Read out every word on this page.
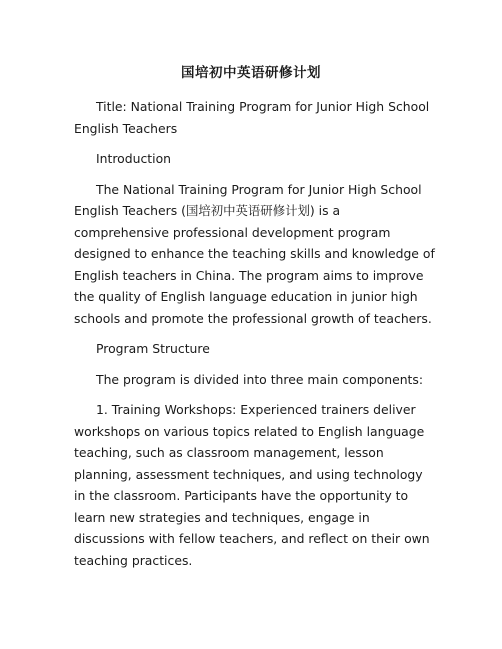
国培初中英语研修计划

Title: National Training Program for Junior High School English Teachers

Introduction

The National Training Program for Junior High School English Teachers (国培初中英语研修计划) is a comprehensive professional development program designed to enhance the teaching skills and knowledge of English teachers in China. The program aims to improve the quality of English language education in junior high schools and promote the professional growth of teachers.

Program Structure

The program is divided into three main components:

1. Training Workshops: Experienced trainers deliver workshops on various topics related to English language teaching, such as classroom management, lesson planning, assessment techniques, and using technology in the classroom. Participants have the opportunity to learn new strategies and techniques, engage in discussions with fellow teachers, and reflect on their own teaching practices.
